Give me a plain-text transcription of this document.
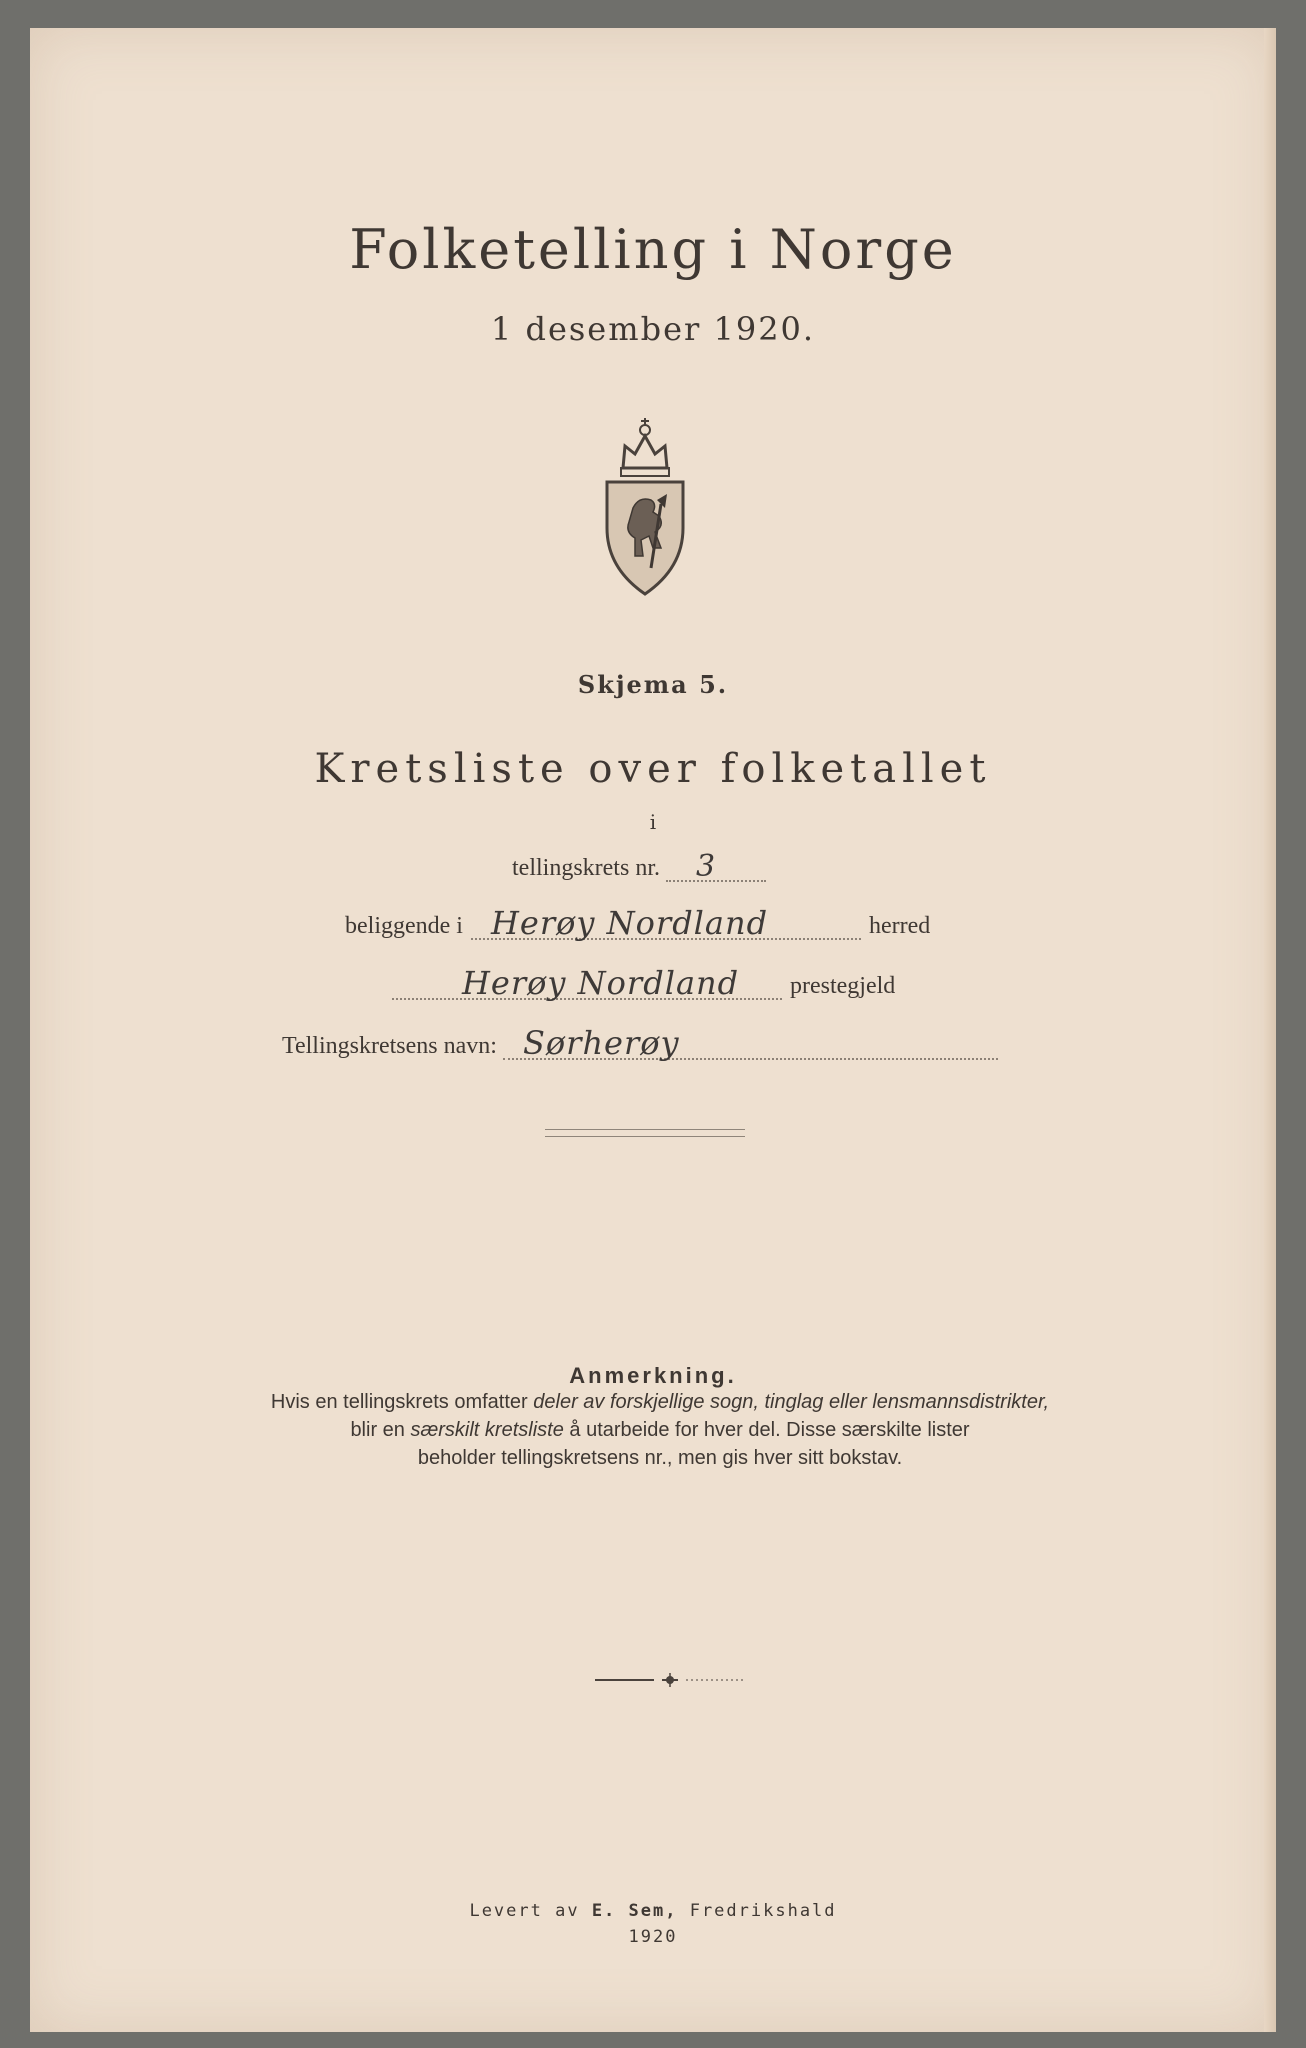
Folketelling i Norge
1 desember 1920.
Skjema 5.
Kretsliste over folketallet
i
tellingskrets nr. 3
beliggende i Herøy Nordland	herred
Herøy Nordland prestegjeld
Tellingskretsens navn: Sørherøy
Anmerkning.
Hvis en tellingskrets omfatter deler av forskjellige sogn, tinglag eller lensmannsdistrikter,
blir en særskilt kretsliste å utarbeide for hver del. Disse særskilte lister
beholder tellingskretsens nr., men gis hver sitt bokstav.
Levert av E. Sem, Fredrikshald
1920
